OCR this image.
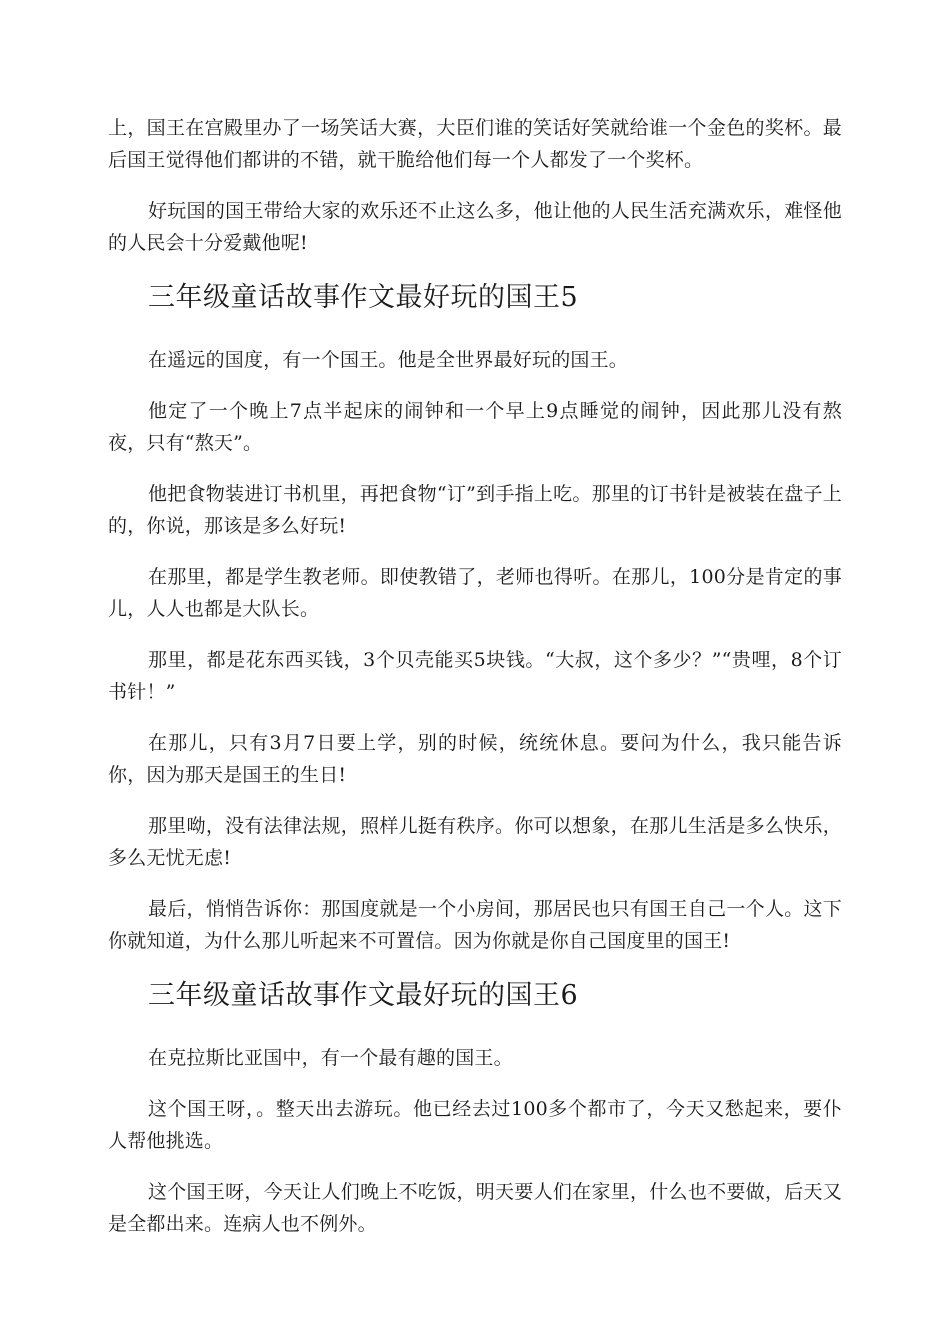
上，国王在宫殿里办了一场笑话大赛，大臣们谁的笑话好笑就给谁一个金色的奖杯。最后国王觉得他们都讲的不错，就干脆给他们每一个人都发了一个奖杯。

好玩国的国王带给大家的欢乐还不止这么多，他让他的人民生活充满欢乐，难怪他的人民会十分爱戴他呢!

三年级童话故事作文最好玩的国王5

在遥远的国度，有一个国王。他是全世界最好玩的国王。

他定了一个晚上7点半起床的闹钟和一个早上9点睡觉的闹钟，因此那儿没有熬夜，只有“熬天”。

他把食物装进订书机里，再把食物“订”到手指上吃。那里的订书针是被装在盘子上的，你说，那该是多么好玩!

在那里，都是学生教老师。即使教错了，老师也得听。在那儿，100分是肯定的事儿，人人也都是大队长。

那里，都是花东西买钱，3个贝壳能买5块钱。“大叔，这个多少？”“贵哩，8个订书针！”

在那儿，只有3月7日要上学，别的时候，统统休息。要问为什么，我只能告诉你，因为那天是国王的生日!

那里呦，没有法律法规，照样儿挺有秩序。你可以想象，在那儿生活是多么快乐，多么无忧无虑!

最后，悄悄告诉你：那国度就是一个小房间，那居民也只有国王自己一个人。这下你就知道，为什么那儿听起来不可置信。因为你就是你自己国度里的国王!

三年级童话故事作文最好玩的国王6

在克拉斯比亚国中，有一个最有趣的国王。

这个国王呀，。整天出去游玩。他已经去过100多个都市了，今天又愁起来，要仆人帮他挑选。

这个国王呀，今天让人们晚上不吃饭，明天要人们在家里，什么也不要做，后天又是全都出来。连病人也不例外。
